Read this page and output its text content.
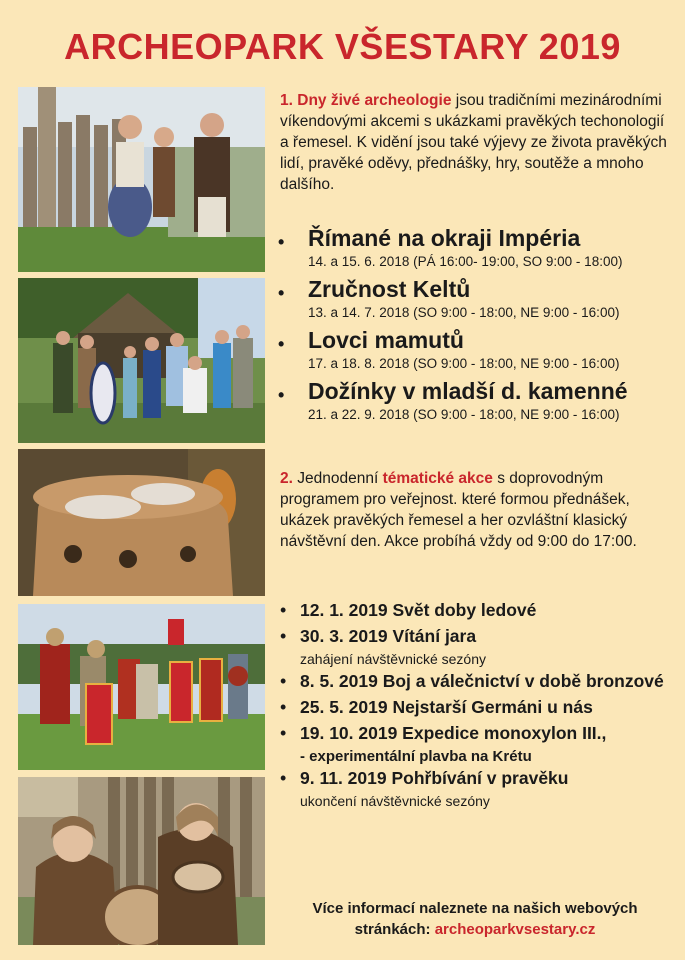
ARCHEOPARK VŠESTARY 2019
1. Dny živé archeologie jsou tradičními mezinárodními víkendovými akcemi s ukázkami pravěkých techonologií a řemesel. K vidění jsou také výjevy ze života pravěkých lidí, pravěké oděvy, přednášky, hry, soutěže a mnoho dalšího.
• Římané na okraji Impéria
14. a 15. 6. 2018 (PÁ 16:00- 19:00, SO 9:00 - 18:00)
• Zručnost Keltů
13. a 14. 7. 2018 (SO 9:00 - 18:00, NE 9:00 - 16:00)
• Lovci mamutů
17. a 18. 8. 2018 (SO 9:00 - 18:00, NE 9:00 - 16:00)
• Dožínky v mladší d. kamenné
21. a 22. 9. 2018 (SO 9:00 - 18:00, NE 9:00 - 16:00)
2. Jednodenní tématické akce s doprovodným programem pro veřejnost. které formou přednášek, ukázek pravěkých řemesel a her ozvláštní klasický návštěvní den. Akce probíhá vždy od 9:00 do 17:00.
• 12. 1. 2019 Svět doby ledové
• 30. 3. 2019 Vítání jara
zahájení návštěvnické sezóny
• 8. 5. 2019 Boj a válečnictví v době bronzové
• 25. 5. 2019 Nejstarší Germáni u nás
• 19. 10. 2019 Expedice monoxylon III.,
- experimentální plavba na Krétu
• 9. 11. 2019 Pohřbívání v pravěku
ukončení návštěvnické sezóny
Více informací naleznete na našich webových
stránkách: archeoparkvsestary.cz
